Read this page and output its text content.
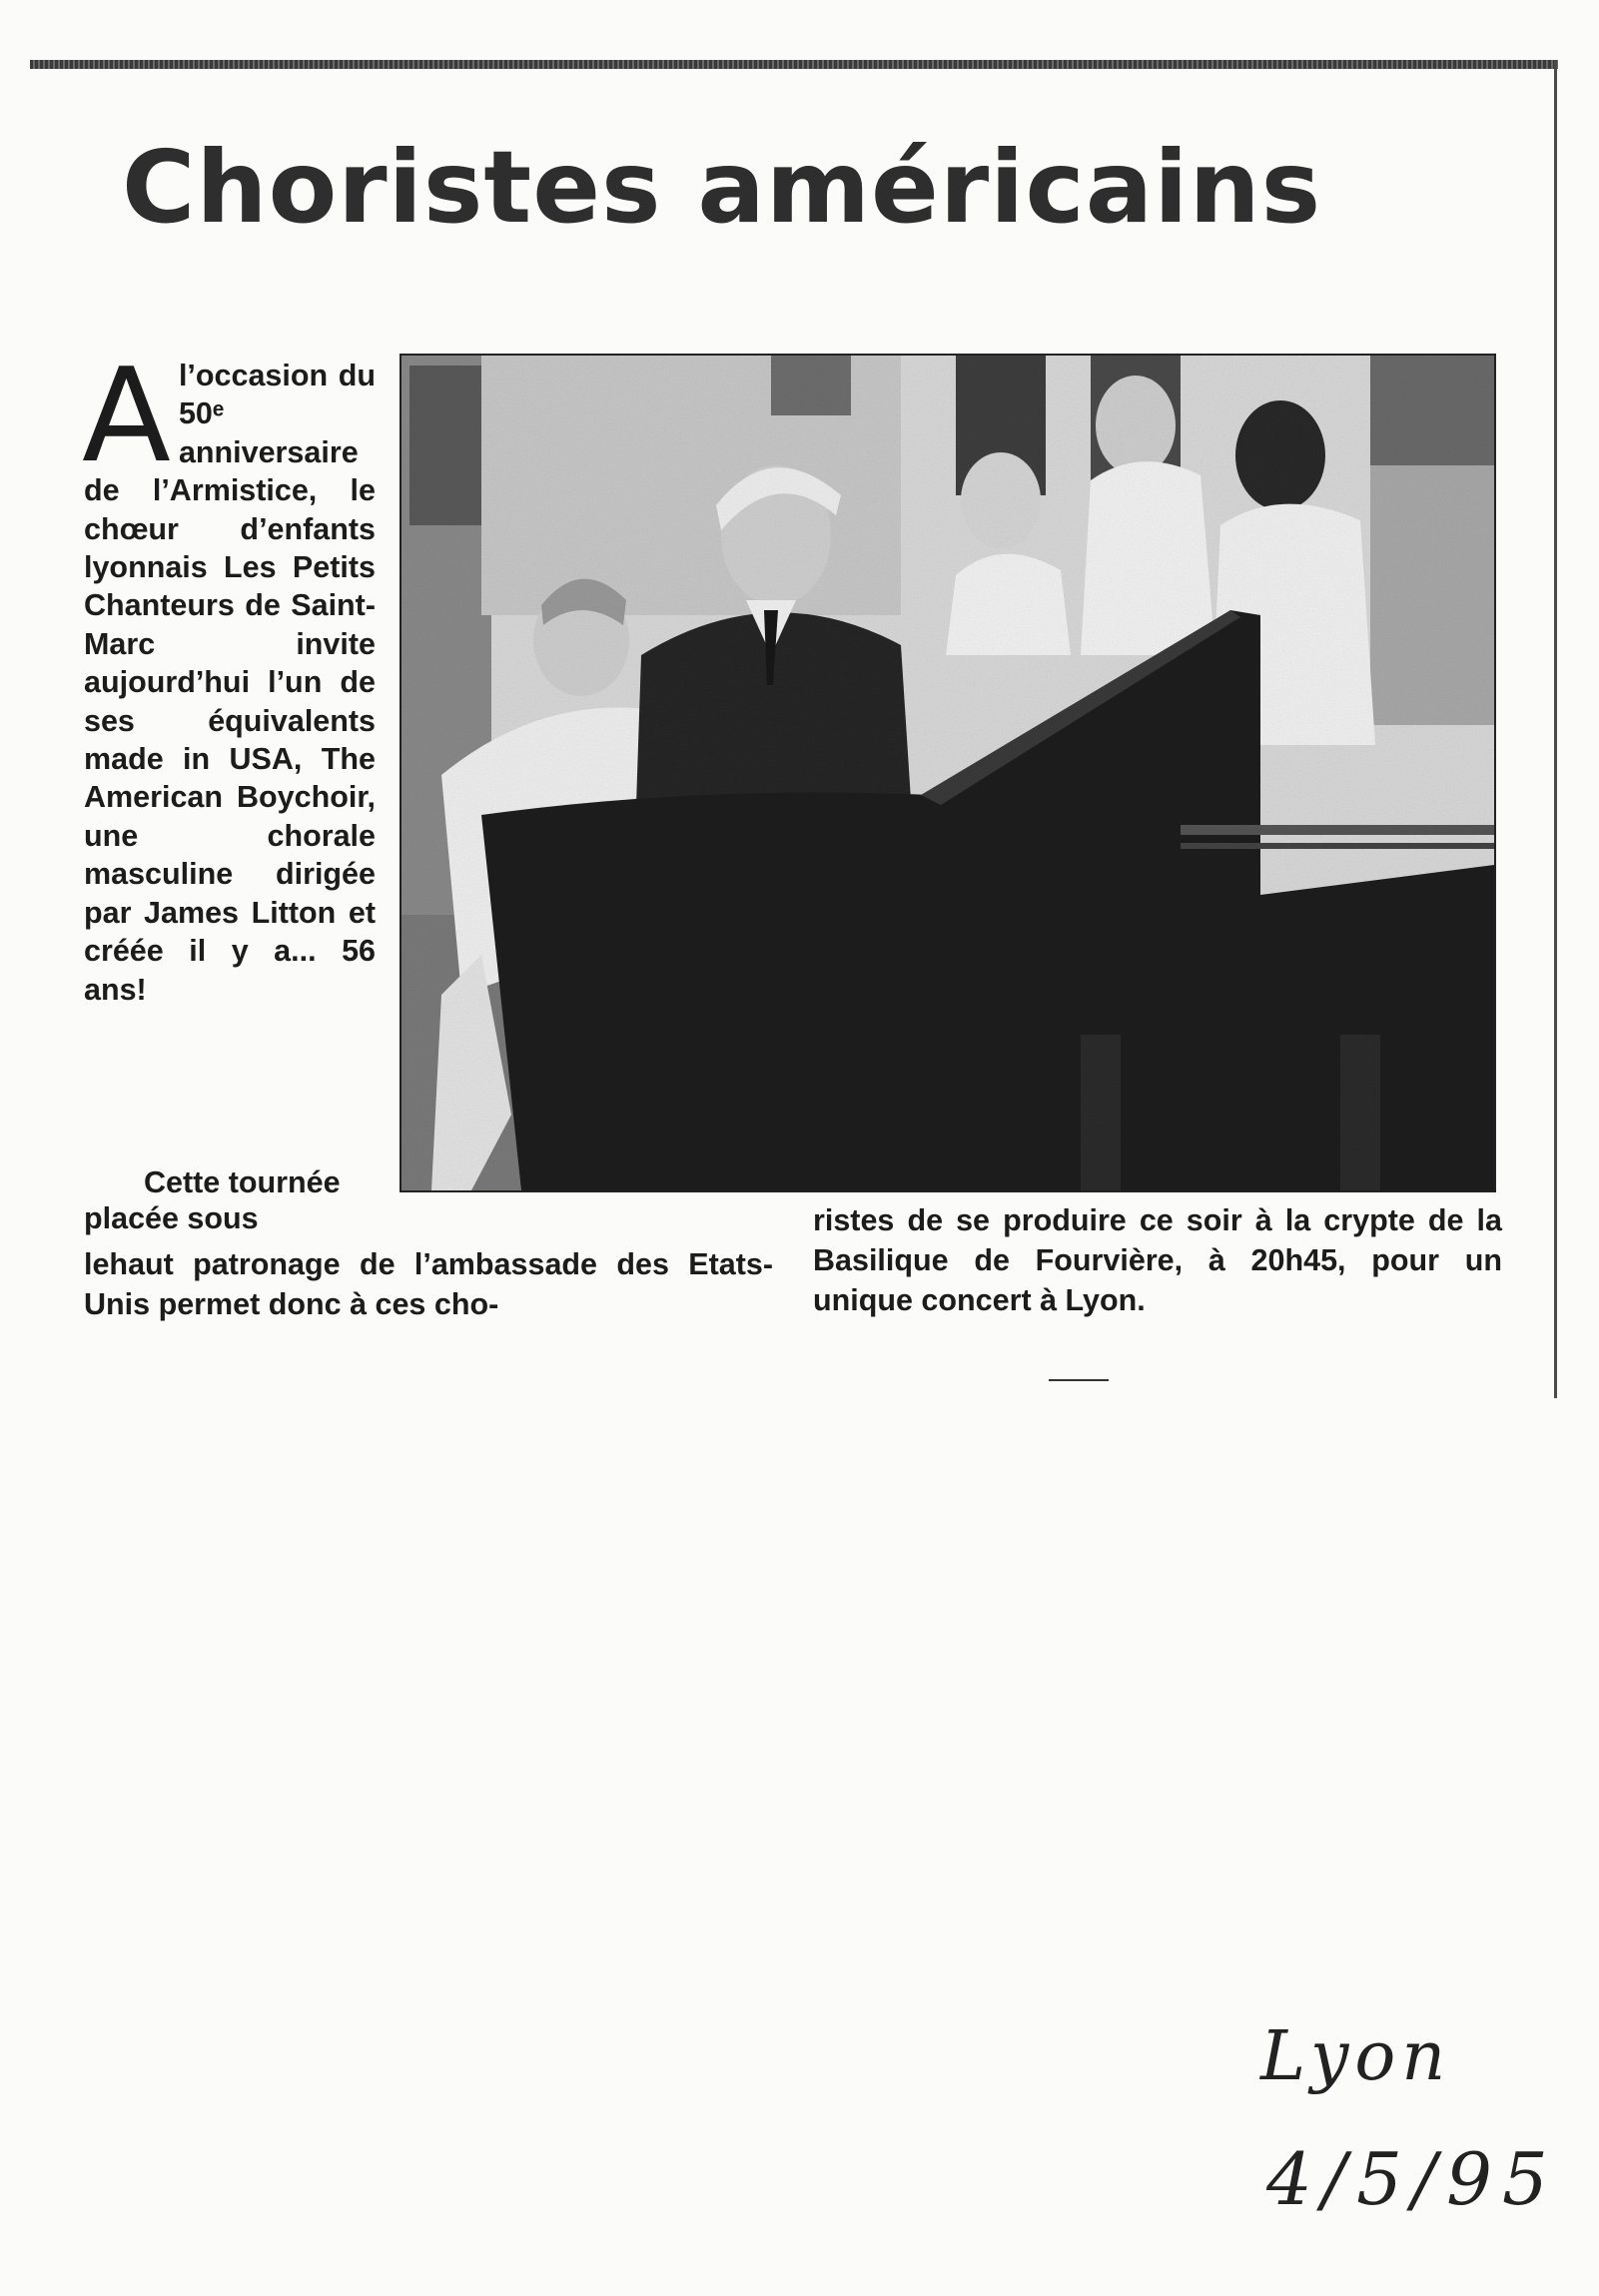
Choristes américains

Al’occasion du 50ᵉ anniversaire de l’Armistice, le chœur d’enfants lyonnais Les Petits Chanteurs de Saint-Marc invite aujourd’hui l’un de ses équivalents made in USA, The American Boychoir, une chorale masculine dirigée par James Litton et créée il y a... 56 ans!

Cette tournée placée sous

lehaut patronage de l’ambassade des Etats-Unis permet donc à ces cho-

ristes de se produire ce soir à la crypte de la Basilique de Fourvière, à 20h45, pour un unique concert à Lyon.

Lyon

4/5/95
